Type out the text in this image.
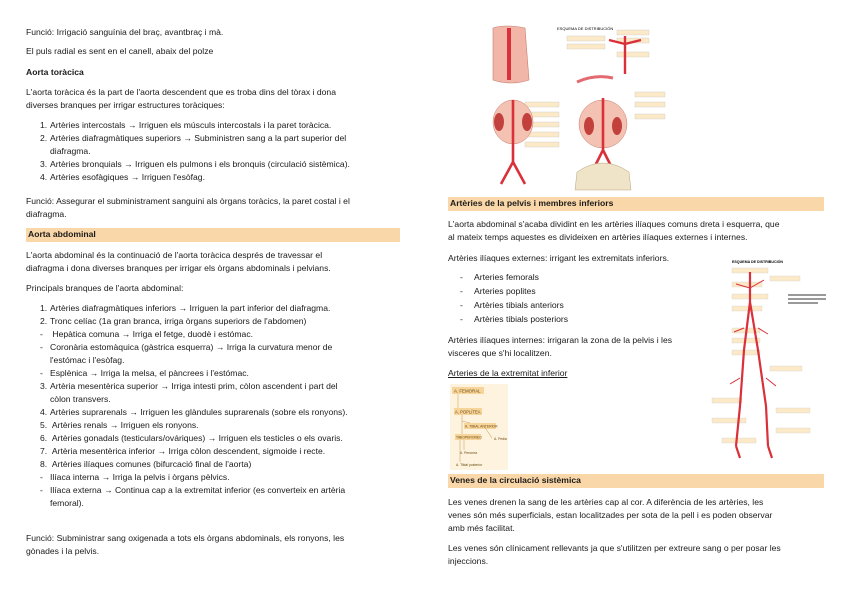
Funció: Irrigació sanguínia del braç, avantbraç i mà.

El puls radial es sent en el canell, abaix del polze

Aorta toràcica

L'aorta toràcica és la part de l'aorta descendent que es troba dins del tòrax i dona

diverses branques per irrigar estructures toràciques:

1. Artèries intercostals → Irriguen els músculs intercostals i la paret toràcica.
2. Artèries diafragmàtiques superiors → Subministren sang a la part superior del
diafragma.
3. Artèries bronquials → Irriguen els pulmons i els bronquis (circulació sistèmica).
4. Artèries esofàgiques → Irriguen l'esòfag.

Funció: Assegurar el subministrament sanguini als òrgans toràcics, la paret costal i el

diafragma.

Aorta abdominal

L'aorta abdominal és la continuació de l'aorta toràcica després de travessar el

diafragma i dona diverses branques per irrigar els òrgans abdominals i pelvians.

Principals branques de l'aorta abdominal:

1. Artèries diafragmàtiques inferiors → Irriguen la part inferior del diafragma.
2. Tronc celíac (1a gran branca, irriga òrgans superiors de l'abdomen)
- Hepàtica comuna → Irriga el fetge, duodè i estómac.
- Coronària estomàquica (gàstrica esquerra) → Irriga la curvatura menor de
l'estómac i l'esòfag.
- Esplènica → Irriga la melsa, el pàncrees i l'estómac.
3. Artèria mesentèrica superior → Irriga intesti prim, còlon ascendent i part del
còlon transvers.
4. Artèries suprarenals → Irriguen les glàndules suprarenals (sobre els ronyons).
5. Artèries renals → Irriguen els ronyons.
6. Artèries gonadals (testiculars/ováriques) → Irriguen els testicles o els ovaris.
7. Artèria mesentèrica inferior → Irriga còlon descendent, sigmoide i recte.
8. Artèries ilíaques comunes (bifurcació final de l'aorta)
- Ilíaca interna → Irriga la pelvis i òrgans pèlvics.
- Ilíaca externa → Continua cap a la extremitat inferior (es converteix en artèria
femoral).

Funció: Subministrar sang oxigenada a tots els òrgans abdominals, els ronyons, les

gònades i la pelvis.

ESQUEMA DE DISTRIBUCIÓN
Artèries de la pelvis i membres inferiors

L'aorta abdominal s'acaba dividint en les artèries ilíaques comuns dreta i esquerra, que

al mateix temps aquestes es divideixen en artèries ilíaques externes i internes.

Artèries ilíaques externes: irrigant les extremitats inferiors.

- Arteries femorals
- Arteries poplites
- Artèries tibials anteriors
- Artèries tibials posteriors

Artèries ilíaques internes: irrigaran la zona de la pelvis i les

visceres que s'hi localitzen.

Arteries de la extremitat inferior

Les venes drenen la sang de les artèries cap al cor. A diferència de les artèries, les

venes són més superficials, estan localitzades per sota de la pell i es poden observar

amb més facilitat.

Les venes són clínicament rellevants ja que s'utilitzen per extreure sang o per posar les

injeccions.

Venes de la circulació sistèmica
A. FEMORAL
A. POPLÍTEA
A. TIBIAL ANTERIOR
TIBIOPERONEO	A. Pedia
A. Peronea
A. Tibial posterior
ESQUEMA DE DISTRIBUCIÓN
